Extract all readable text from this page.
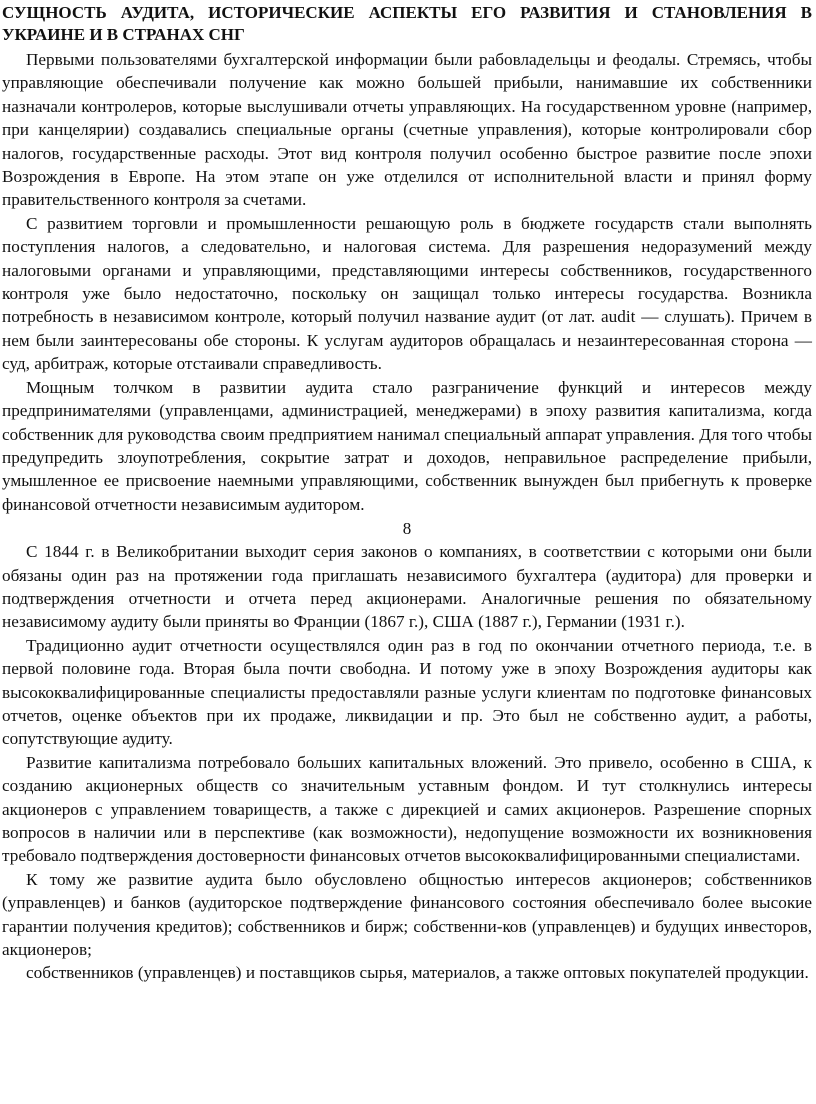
СУЩНОСТЬ АУДИТА, ИСТОРИЧЕСКИЕ АСПЕКТЫ ЕГО РАЗВИТИЯ И СТАНОВЛЕНИЯ В УКРАИНЕ И В СТРАНАХ СНГ

Первыми пользователями бухгалтерской информации были рабовладельцы и феодалы. Стремясь, чтобы управляющие обеспечивали получение как можно большей прибыли, нанимавшие их собственники назначали контролеров, которые выслушивали отчеты управляющих. На государственном уровне (например, при канцелярии) создавались специальные органы (счетные управления), которые контролировали сбор налогов, государственные расходы. Этот вид контроля получил особенно быстрое развитие после эпохи Возрождения в Европе. На этом этапе он уже отделился от исполнительной власти и принял форму правительственного контроля за счетами.

С развитием торговли и промышленности решающую роль в бюджете государств стали выполнять поступления налогов, а следовательно, и налоговая система. Для разрешения недоразумений между налоговыми органами и управляющими, представляющими интересы собственников, государственного контроля уже было недостаточно, поскольку он защищал только интересы государства. Возникла потребность в независимом контроле, который получил название аудит (от лат. audit — слушать). Причем в нем были заинтересованы обе стороны. К услугам аудиторов обращалась и незаинтересованная сторона — суд, арбитраж, которые отстаивали справедливость.

Мощным толчком в развитии аудита стало разграничение функций и интересов между предпринимателями (управленцами, администрацией, менеджерами) в эпоху развития капитализма, когда собственник для руководства своим предприятием нанимал специальный аппарат управления. Для того чтобы предупредить злоупотребления, сокрытие затрат и доходов, неправильное распределение прибыли, умышленное ее присвоение наемными управляющими, собственник вынужден был прибегнуть к проверке финансовой отчетности независимым аудитором.

8

С 1844 г. в Великобритании выходит серия законов о компаниях, в соответствии с которыми они были обязаны один раз на протяжении года приглашать независимого бухгалтера (аудитора) для проверки и подтверждения отчетности и отчета перед акционерами. Аналогичные решения по обязательному независимому аудиту были приняты во Франции (1867 г.), США (1887 г.), Германии (1931 г.).

Традиционно аудит отчетности осуществлялся один раз в год по окончании отчетного периода, т.е. в первой половине года. Вторая была почти свободна. И потому уже в эпоху Возрождения аудиторы как высококвалифицированные специалисты предоставляли разные услуги клиентам по подготовке финансовых отчетов, оценке объектов при их продаже, ликвидации и пр. Это был не собственно аудит, а работы, сопутствующие аудиту.

Развитие капитализма потребовало больших капитальных вложений. Это привело, особенно в США, к созданию акционерных обществ со значительным уставным фондом. И тут столкнулись интересы акционеров с управлением товариществ, а также с дирекцией и самих акционеров. Разрешение спорных вопросов в наличии или в перспективе (как возможности), недопущение возможности их возникновения требовало подтверждения достоверности финансовых отчетов высококвалифицированными специалистами.

К тому же развитие аудита было обусловлено общностью интересов акционеров; собственников (управленцев) и банков (аудиторское подтверждение финансового состояния обеспечивало более высокие гарантии получения кредитов); собственников и бирж; собственни-ков (управленцев) и будущих инвесторов, акционеров;

собственников (управленцев) и поставщиков сырья, материалов, а также оптовых покупателей продукции.
